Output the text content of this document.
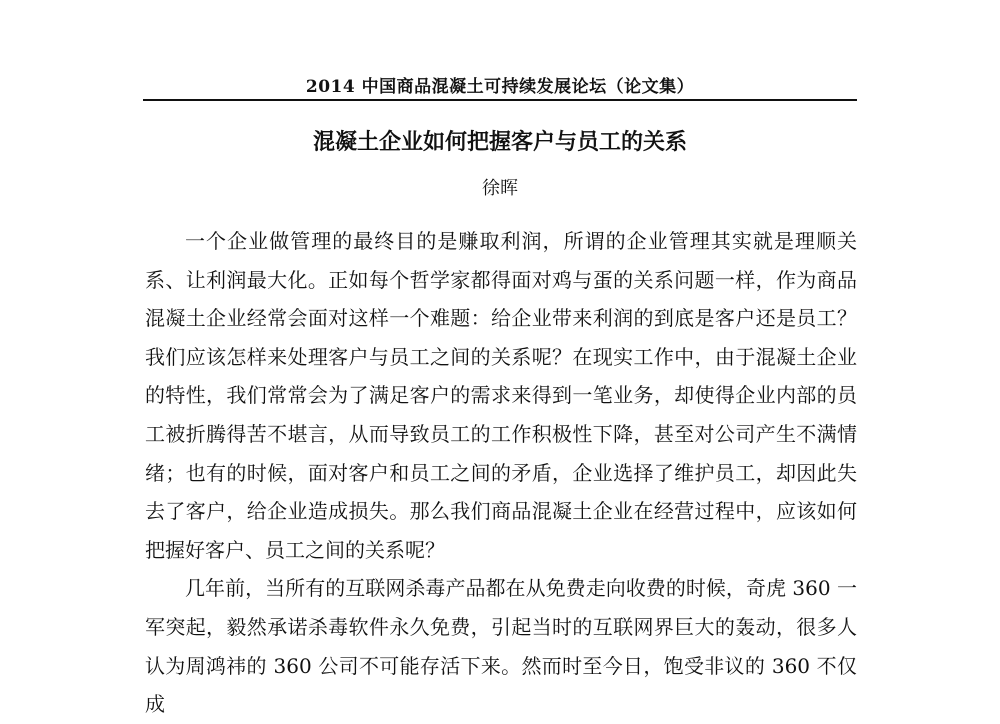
2014 中国商品混凝土可持续发展论坛（论文集）
混凝土企业如何把握客户与员工的关系
徐晖

一个企业做管理的最终目的是赚取利润，所谓的企业管理其实就是理顺关系、让利润最大化。正如每个哲学家都得面对鸡与蛋的关系问题一样，作为商品混凝土企业经常会面对这样一个难题：给企业带来利润的到底是客户还是员工？我们应该怎样来处理客户与员工之间的关系呢？在现实工作中，由于混凝土企业的特性，我们常常会为了满足客户的需求来得到一笔业务，却使得企业内部的员工被折腾得苦不堪言，从而导致员工的工作积极性下降，甚至对公司产生不满情绪；也有的时候，面对客户和员工之间的矛盾，企业选择了维护员工，却因此失去了客户，给企业造成损失。那么我们商品混凝土企业在经营过程中，应该如何把握好客户、员工之间的关系呢？

几年前，当所有的互联网杀毒产品都在从免费走向收费的时候，奇虎 360 一军突起，毅然承诺杀毒软件永久免费，引起当时的互联网界巨大的轰动，很多人认为周鸿祎的 360 公司不可能存活下来。然而时至今日，饱受非议的 360 不仅成
